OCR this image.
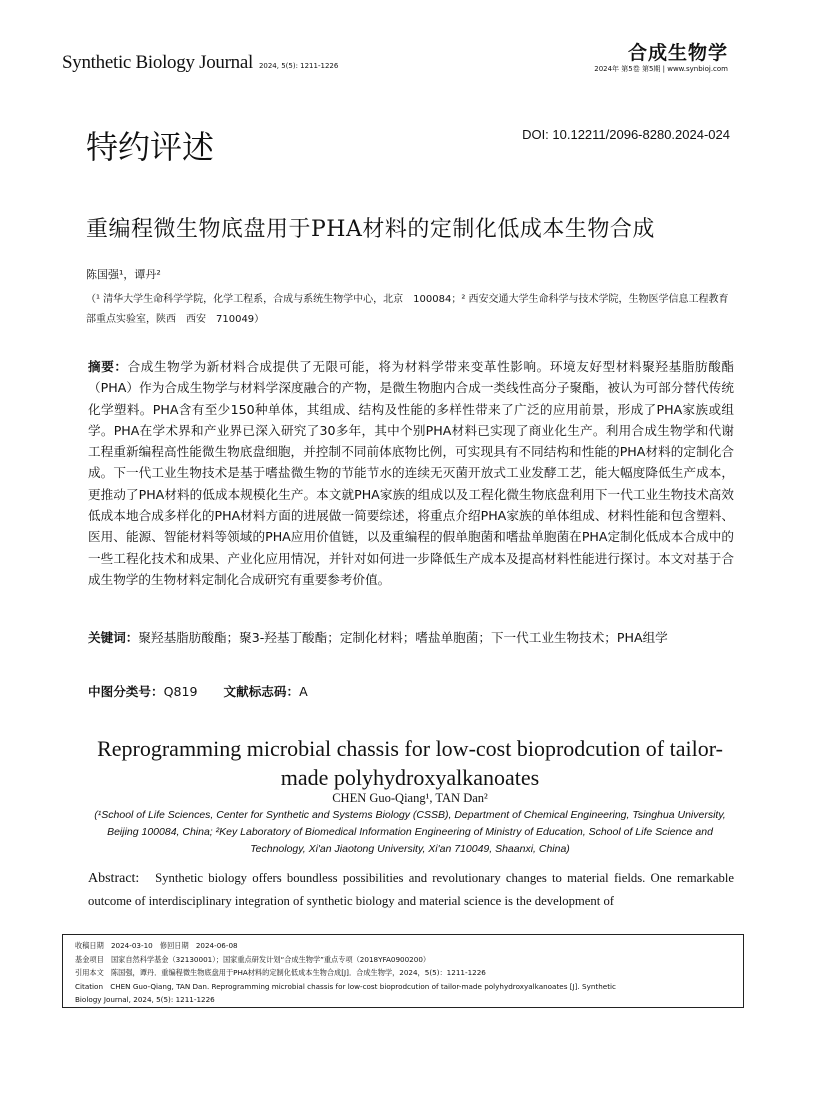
Synthetic Biology Journal 2024, 5(5): 1211-1226
合成生物学
2024年 第5卷 第5期 | www.synbioj.com
特约评述	DOI: 10.12211/2096-8280.2024-024
重编程微生物底盘用于PHA材料的定制化低成本生物合成
陈国强¹，谭丹²
（¹ 清华大学生命科学学院，化学工程系，合成与系统生物学中心，北京　100084；² 西安交通大学生命科学与技术学院，生物医学信息工程教育部重点实验室，陕西　西安　710049）
摘要：合成生物学为新材料合成提供了无限可能，将为材料学带来变革性影响。环境友好型材料聚羟基脂肪酸酯（PHA）作为合成生物学与材料学深度融合的产物，是微生物胞内合成一类线性高分子聚酯，被认为可部分替代传统化学塑料。PHA含有至少150种单体，其组成、结构及性能的多样性带来了广泛的应用前景，形成了PHA家族或组学。PHA在学术界和产业界已深入研究了30多年，其中个别PHA材料已实现了商业化生产。利用合成生物学和代谢工程重新编程高性能微生物底盘细胞，并控制不同前体底物比例，可实现具有不同结构和性能的PHA材料的定制化合成。下一代工业生物技术是基于嗜盐微生物的节能节水的连续无灭菌开放式工业发酵工艺，能大幅度降低生产成本，更推动了PHA材料的低成本规模化生产。本文就PHA家族的组成以及工程化微生物底盘利用下一代工业生物技术高效低成本地合成多样化的PHA材料方面的进展做一简要综述，将重点介绍PHA家族的单体组成、材料性能和包含塑料、医用、能源、智能材料等领域的PHA应用价值链，以及重编程的假单胞菌和嗜盐单胞菌在PHA定制化低成本合成中的一些工程化技术和成果、产业化应用情况，并针对如何进一步降低生产成本及提高材料性能进行探讨。本文对基于合成生物学的生物材料定制化合成研究有重要参考价值。
关键词：聚羟基脂肪酸酯；聚3-羟基丁酸酯；定制化材料；嗜盐单胞菌；下一代工业生物技术；PHA组学
中图分类号：Q819 文献标志码：A
Reprogramming microbial chassis for low-cost bioprodcution of tailor-made polyhydroxyalkanoates
CHEN Guo-Qiang¹, TAN Dan²
(¹School of Life Sciences, Center for Synthetic and Systems Biology (CSSB), Department of Chemical Engineering, Tsinghua University, Beijing 100084, China; ²Key Laboratory of Biomedical Information Engineering of Ministry of Education, School of Life Science and Technology, Xi'an Jiaotong University, Xi'an 710049, Shaanxi, China)
Abstract: Synthetic biology offers boundless possibilities and revolutionary changes to material fields. One remarkable outcome of interdisciplinary integration of synthetic biology and material science is the development of
收稿日期　2024-03-10　修回日期　2024-06-08
基金项目　国家自然科学基金（32130001）；国家重点研发计划“合成生物学”重点专项（2018YFA0900200）
引用本文　陈国强，谭丹．重编程微生物底盘用于PHA材料的定制化低成本生物合成[J]．合成生物学，2024，5(5)：1211-1226
Citation　CHEN Guo-Qiang, TAN Dan. Reprogramming microbial chassis for low-cost bioprodcution of tailor-made polyhydroxyalkanoates [J]. Synthetic
Biology Journal, 2024, 5(5): 1211-1226
